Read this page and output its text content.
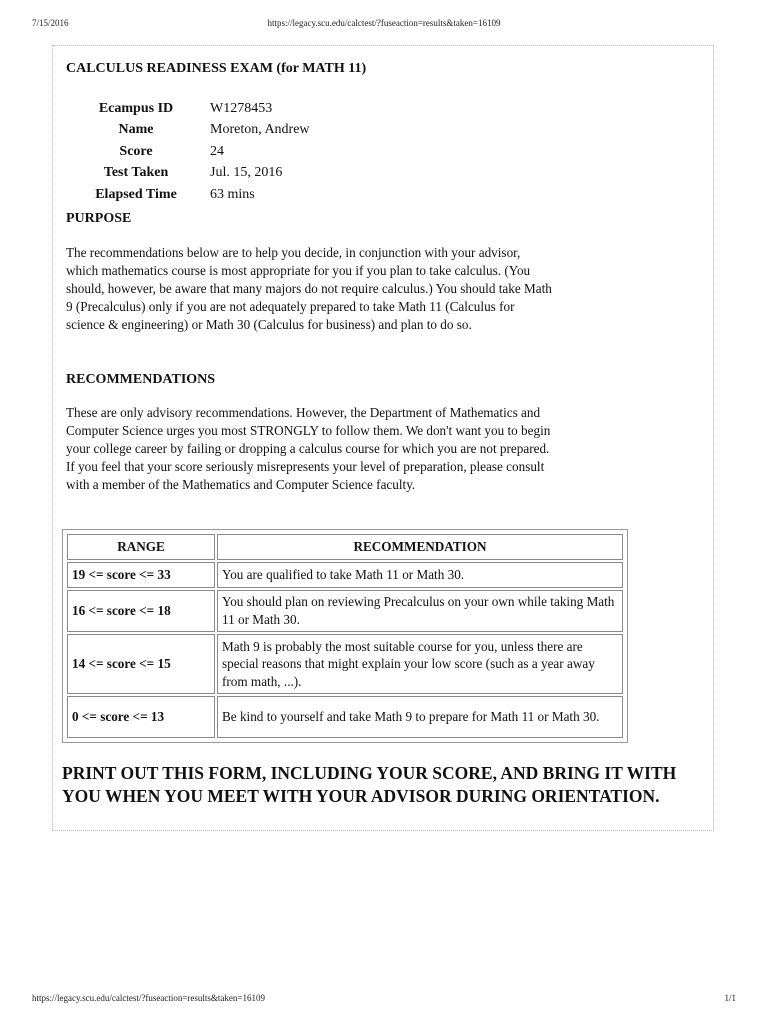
7/15/2016	https://legacy.scu.edu/calctest/?fuseaction=results&taken=16109
CALCULUS READINESS EXAM (for MATH 11)
Ecampus ID	W1278453
Name	Moreton, Andrew
Score	24
Test Taken	Jul. 15, 2016
Elapsed Time	63 mins
PURPOSE

The recommendations below are to help you decide, in conjunction with your advisor,
which mathematics course is most appropriate for you if you plan to take calculus. (You
should, however, be aware that many majors do not require calculus.) You should take Math
9 (Precalculus) only if you are not adequately prepared to take Math 11 (Calculus for
science & engineering) or Math 30 (Calculus for business) and plan to do so.

RECOMMENDATIONS

These are only advisory recommendations. However, the Department of Mathematics and
Computer Science urges you most STRONGLY to follow them. We don't want you to begin
your college career by failing or dropping a calculus course for which you are not prepared.
If you feel that your score seriously misrepresents your level of preparation, please consult
with a member of the Mathematics and Computer Science faculty.

RANGE	RECOMMENDATION
19 <= score <= 33	You are qualified to take Math 11 or Math 30.
16 <= score <= 18	You should plan on reviewing Precalculus on your own while taking Math 11 or Math 30.
14 <= score <= 15	Math 9 is probably the most suitable course for you, unless there are special reasons that might explain your low score (such as a year away from math, ...).
0 <= score <= 13	Be kind to yourself and take Math 9 to prepare for Math 11 or Math 30.

PRINT OUT THIS FORM, INCLUDING YOUR SCORE, AND BRING IT WITH YOU WHEN YOU MEET WITH YOUR ADVISOR DURING ORIENTATION.

https://legacy.scu.edu/calctest/?fuseaction=results&taken=16109	1/1
